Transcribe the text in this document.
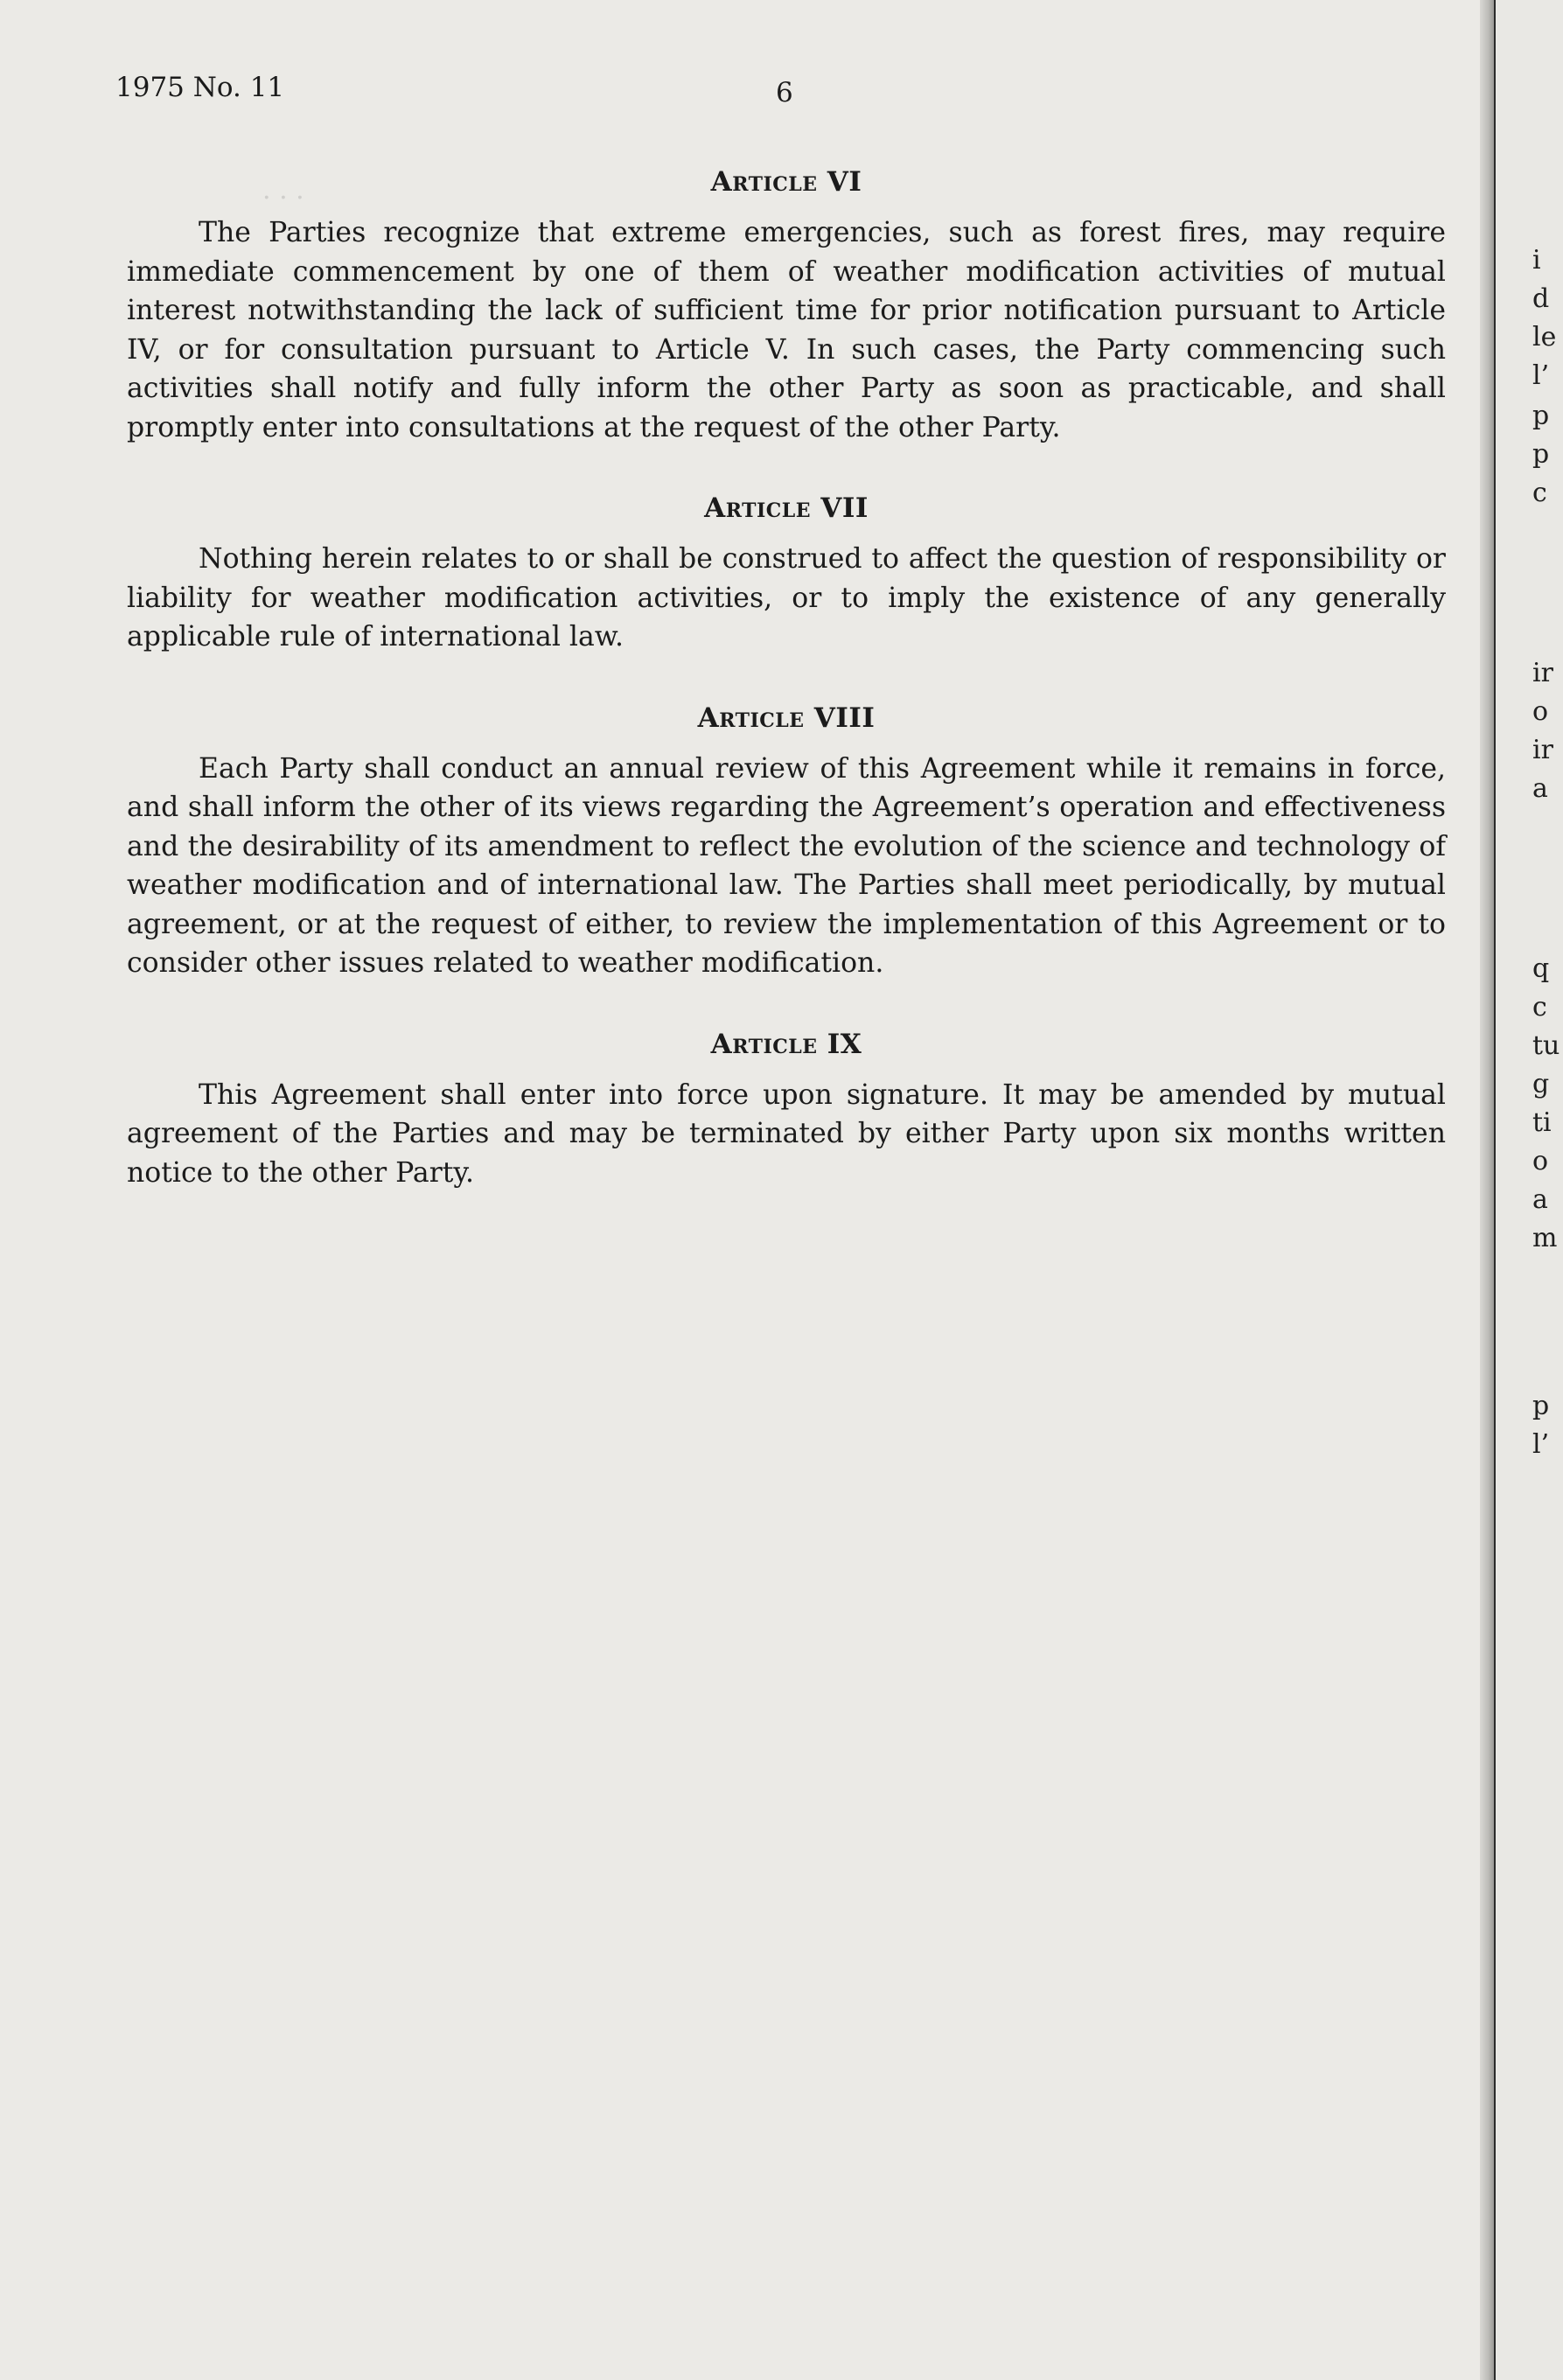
. . .
1975 No. 11	6
Article VI

The Parties recognize that extreme emergencies, such as forest fires, may require immediate commencement by one of them of weather modification activities of mutual interest notwithstanding the lack of sufficient time for prior notification pursuant to Article IV, or for consultation pursuant to Article V. In such cases, the Party commencing such activities shall notify and fully inform the other Party as soon as practicable, and shall promptly enter into consultations at the request of the other Party.

Article VII

Nothing herein relates to or shall be construed to affect the question of responsibility or liability for weather modification activities, or to imply the existence of any generally applicable rule of international law.

Article VIII

Each Party shall conduct an annual review of this Agreement while it remains in force, and shall inform the other of its views regarding the Agreement’s operation and effectiveness and the desirability of its amendment to reflect the evolution of the science and technology of weather modification and of international law. The Parties shall meet periodically, by mutual agreement, or at the request of either, to review the implementation of this Agreement or to consider other issues related to weather modification.

Article IX

This Agreement shall enter into force upon signature. It may be amended by mutual agreement of the Parties and may be terminated by either Party upon six months written notice to the other Party.

i
d
le
l’
p
p
c
ir
o
ir
a
q
c
tu
g
ti
o
a
m
p
l’
